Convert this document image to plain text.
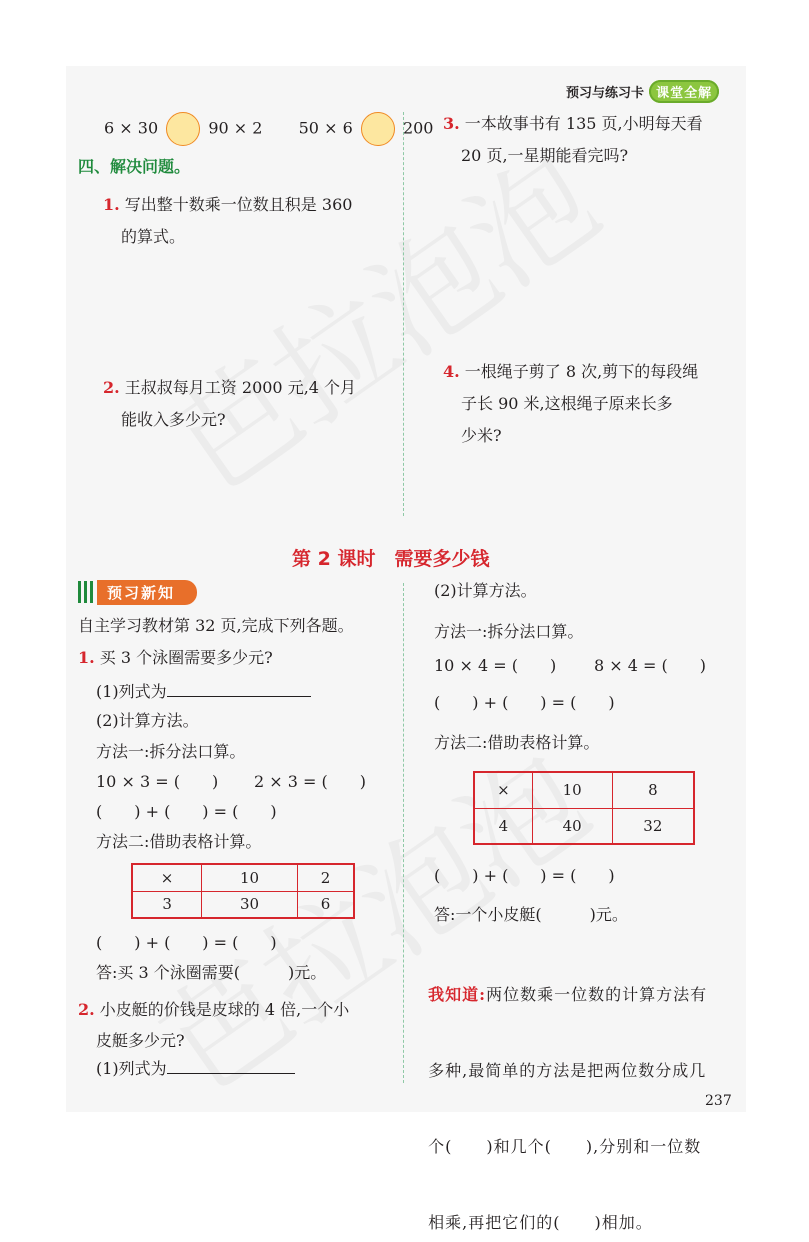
预习与练习卡 课堂全解
6 × 30	90 × 2 50 × 6	200
四、解决问题。
1. 写出整十数乘一位数且积是 360
的算式。
2. 王叔叔每月工资 2000 元,4 个月
能收入多少元?
3. 一本故事书有 135 页,小明每天看
20 页,一星期能看完吗?
4. 一根绳子剪了 8 次,剪下的每段绳
子长 90 米,这根绳子原来长多
少米?
第 2 课时　需要多少钱
预习新知
自主学习教材第 32 页,完成下列各题。
1. 买 3 个泳圈需要多少元?
(1)列式为
(2)计算方法。
方法一:拆分法口算。
10 × 3 = (　　) 2 × 3 = (　　)
(　　) + (　　) = (　　)
方法二:借助表格计算。
×	10	2
3	30	6
(　　) + (　　) = (　　)
答:买 3 个泳圈需要(　　　)元。
2. 小皮艇的价钱是皮球的 4 倍,一个小
皮艇多少元?
(1)列式为
(2)计算方法。
方法一:拆分法口算。
10 × 4 = (　　) 8 × 4 = (　　)
(　　) + (　　) = (　　)
方法二:借助表格计算。
×	10	8
4	40	32
(　　) + (　　) = (　　)
答:一个小皮艇(　　　)元。

我知道:两位数乘一位数的计算方法有

多种,最简单的方法是把两位数分成几

个(　　)和几个(　　),分别和一位数

相乘,再把它们的(　　)相加。

237
